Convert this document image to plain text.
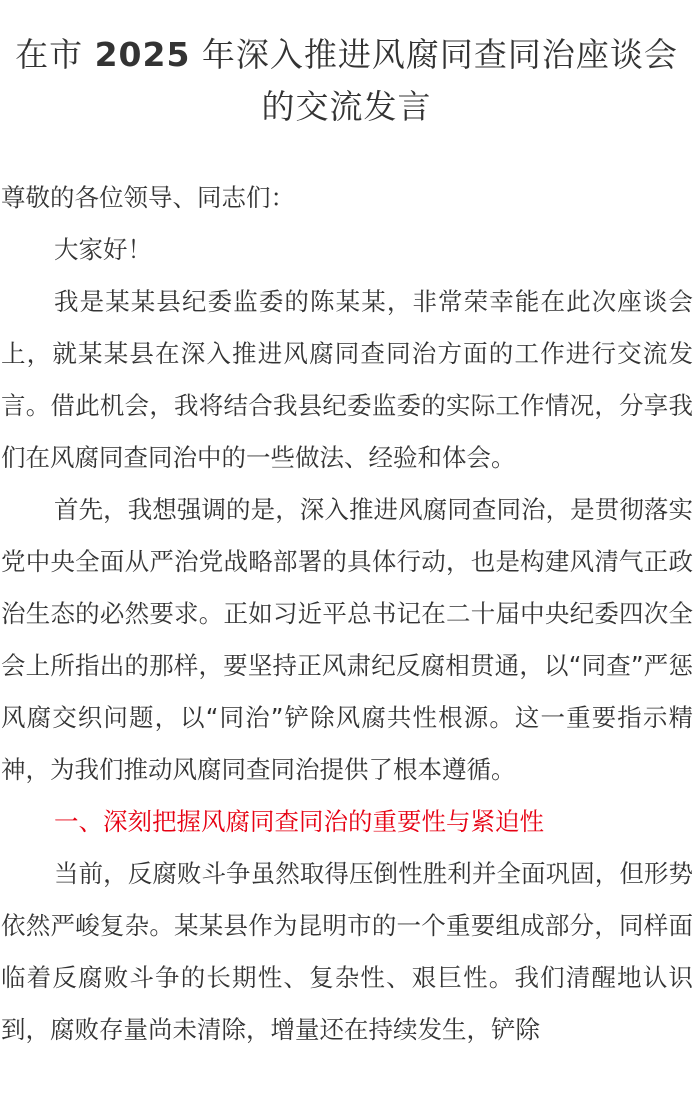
在市 2025 年深入推进风腐同查同治座谈会的交流发言

尊敬的各位领导、同志们：

大家好！

我是某某县纪委监委的陈某某，非常荣幸能在此次座谈会上，就某某县在深入推进风腐同查同治方面的工作进行交流发言。借此机会，我将结合我县纪委监委的实际工作情况，分享我们在风腐同查同治中的一些做法、经验和体会。

首先，我想强调的是，深入推进风腐同查同治，是贯彻落实党中央全面从严治党战略部署的具体行动，也是构建风清气正政治生态的必然要求。正如习近平总书记在二十届中央纪委四次全会上所指出的那样，要坚持正风肃纪反腐相贯通，以“同查”严惩风腐交织问题，以“同治”铲除风腐共性根源。这一重要指示精神，为我们推动风腐同查同治提供了根本遵循。

一、深刻把握风腐同查同治的重要性与紧迫性

当前，反腐败斗争虽然取得压倒性胜利并全面巩固，但形势依然严峻复杂。某某县作为昆明市的一个重要组成部分，同样面临着反腐败斗争的长期性、复杂性、艰巨性。我们清醒地认识到，腐败存量尚未清除，增量还在持续发生，铲除
